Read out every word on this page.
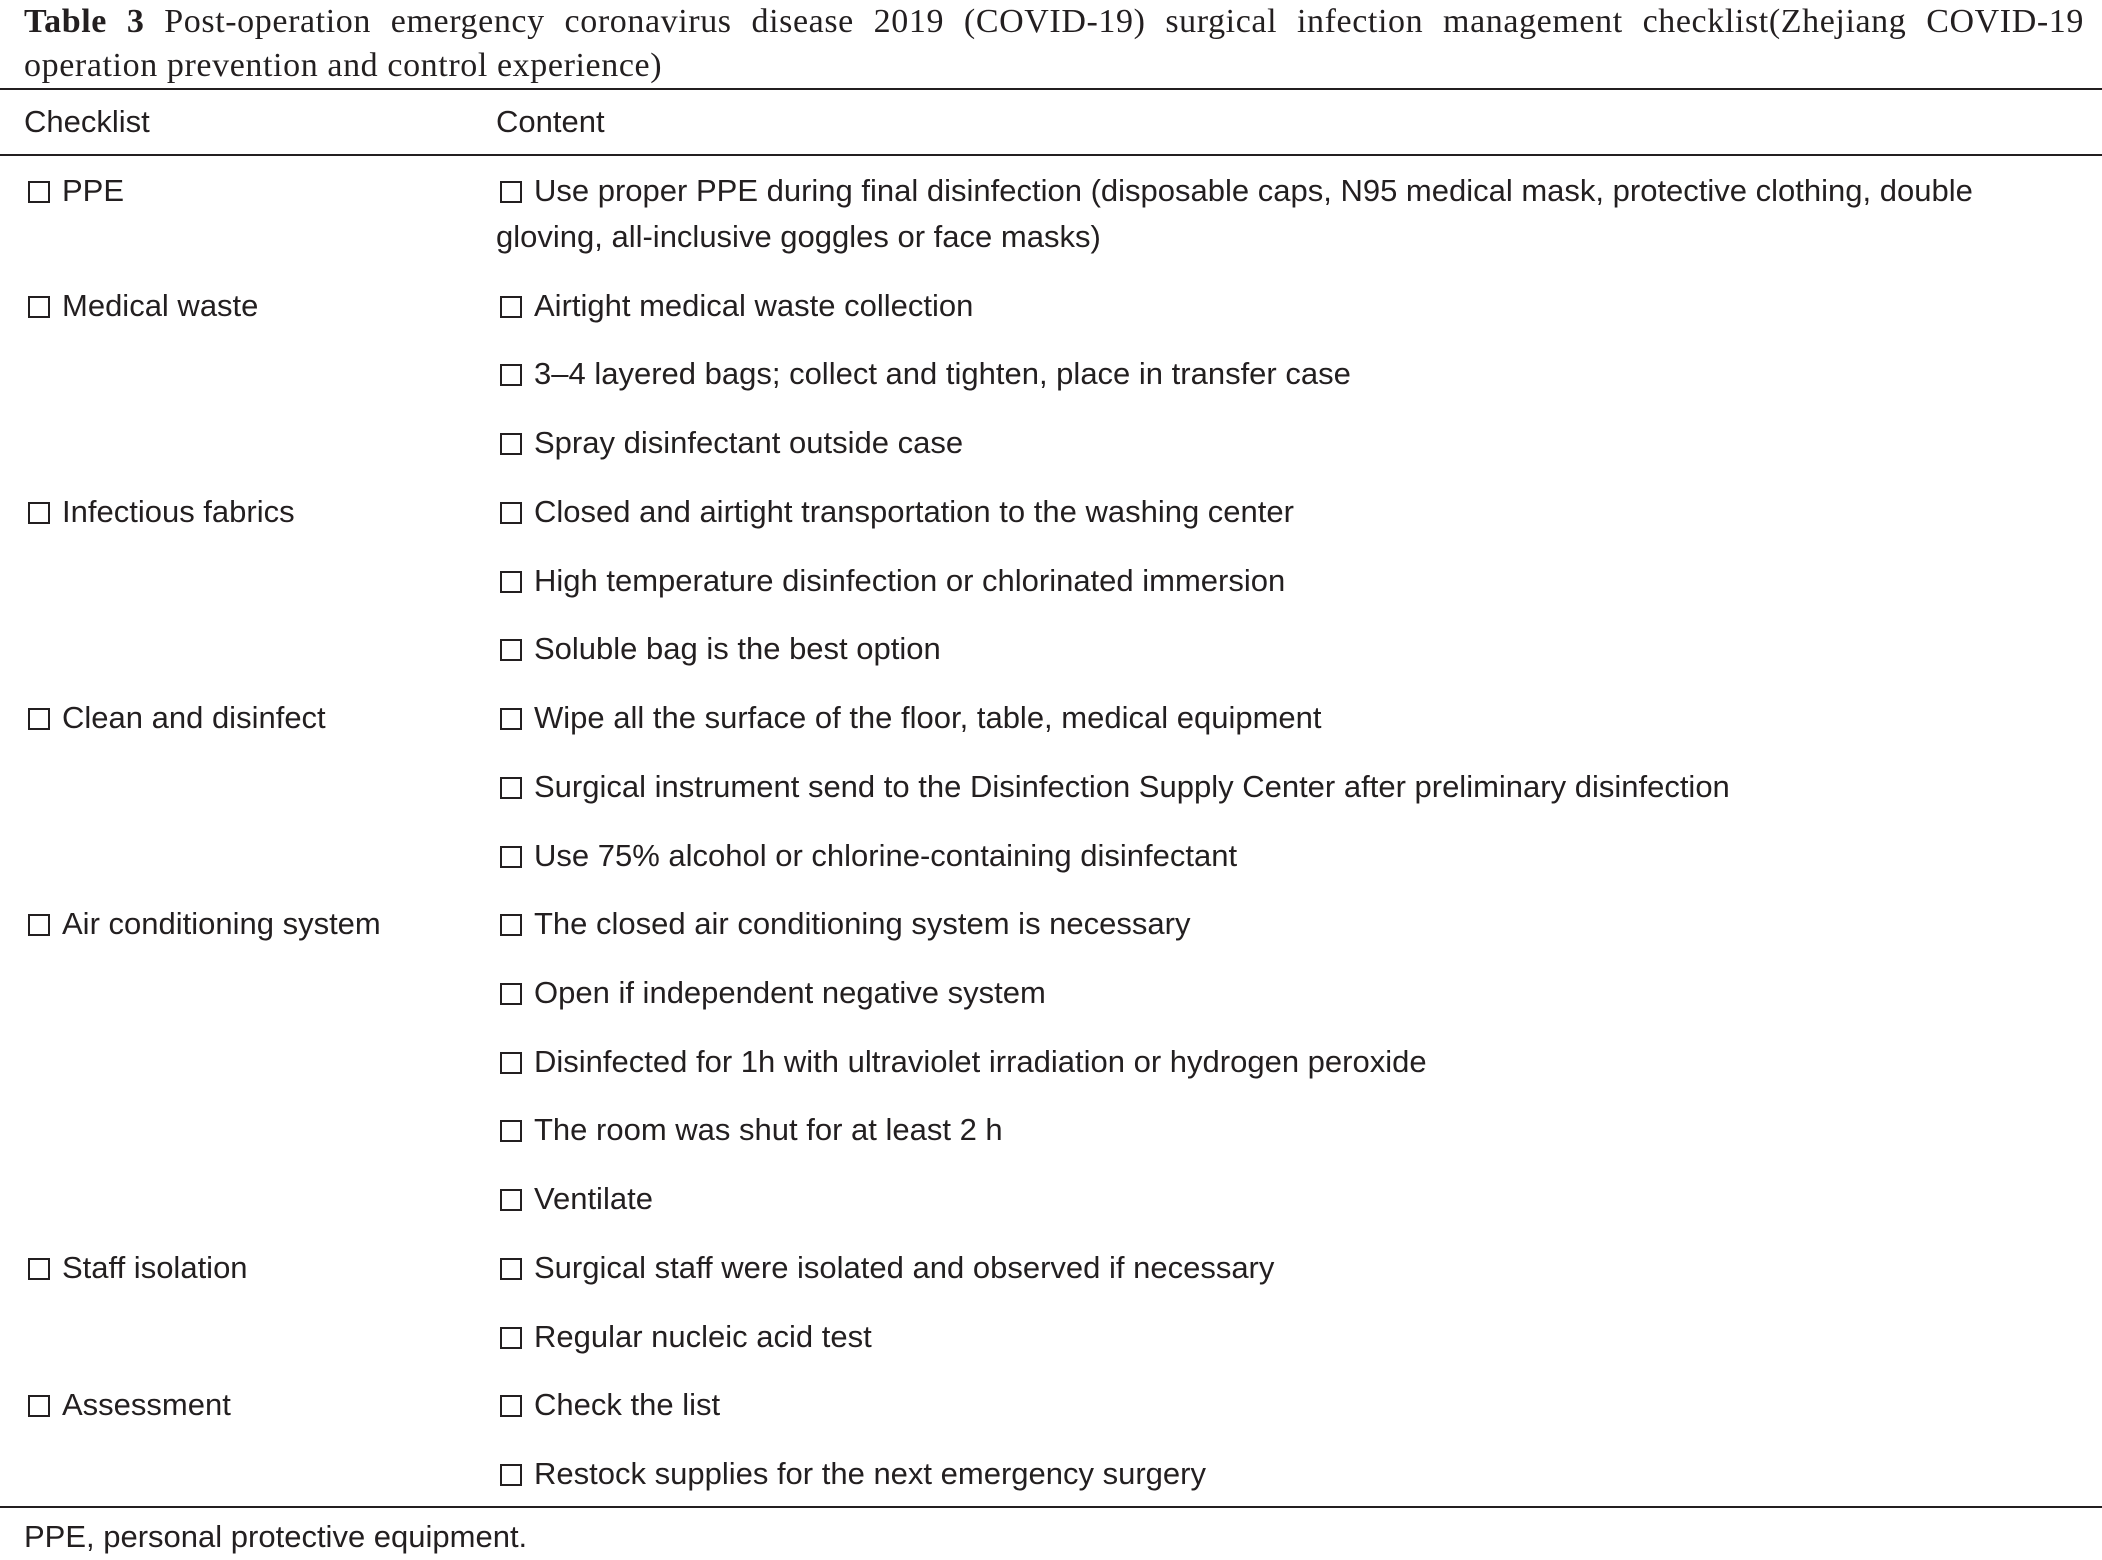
Table 3 Post-operation emergency coronavirus disease 2019 (COVID-19) surgical infection management checklist(Zhejiang COVID-19 operation prevention and control experience)
Checklist	Content
PPE	Use proper PPE during final disinfection (disposable caps, N95 medical mask, protective clothing, double gloving, all-inclusive goggles or face masks)
Medical waste	Airtight medical waste collection
3–4 layered bags; collect and tighten, place in transfer case
Spray disinfectant outside case
Infectious fabrics	Closed and airtight transportation to the washing center
High temperature disinfection or chlorinated immersion
Soluble bag is the best option
Clean and disinfect	Wipe all the surface of the floor, table, medical equipment
Surgical instrument send to the Disinfection Supply Center after preliminary disinfection
Use 75% alcohol or chlorine-containing disinfectant
Air conditioning system	The closed air conditioning system is necessary
Open if independent negative system
Disinfected for 1h with ultraviolet irradiation or hydrogen peroxide
The room was shut for at least 2 h
Ventilate
Staff isolation	Surgical staff were isolated and observed if necessary
Regular nucleic acid test
Assessment	Check the list
Restock supplies for the next emergency surgery
PPE, personal protective equipment.
